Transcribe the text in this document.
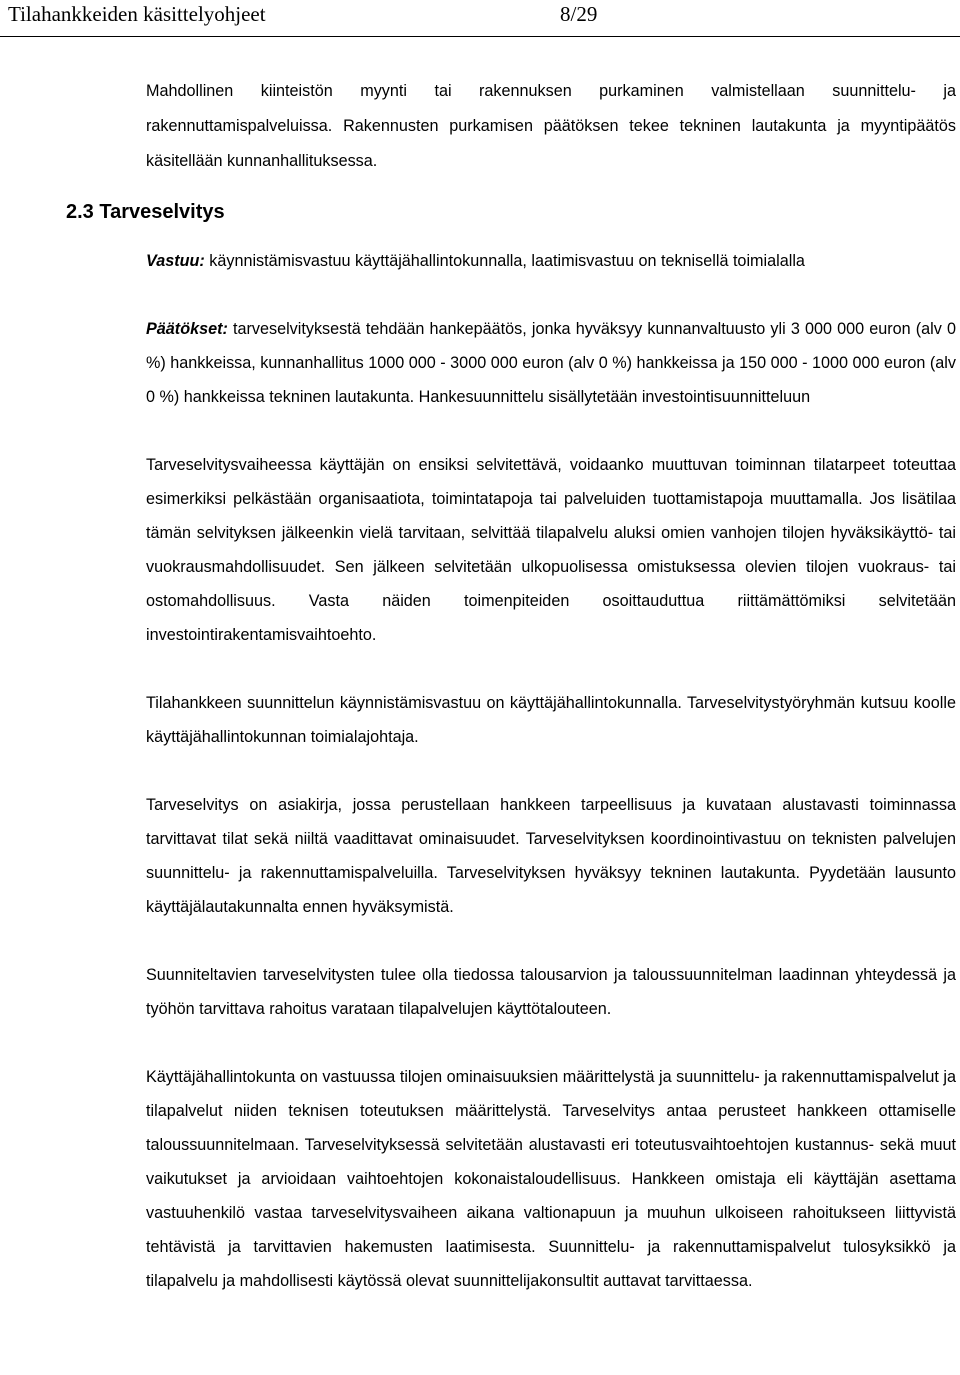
Tilahankkeiden käsittelyohjeet	8/29

Mahdollinen kiinteistön myynti tai rakennuksen purkaminen valmistellaan suunnittelu- ja rakennuttamispalveluissa. Rakennusten purkamisen päätöksen tekee tekninen lautakunta ja myyntipäätös käsitellään kunnanhallituksessa.

2.3 Tarveselvitys

Vastuu: käynnistämisvastuu käyttäjähallintokunnalla, laatimisvastuu on teknisellä toimialalla

Päätökset: tarveselvityksestä tehdään hankepäätös, jonka hyväksyy kunnanvaltuusto yli 3 000 000 euron (alv 0 %) hankkeissa, kunnanhallitus 1000 000 - 3000 000 euron (alv 0 %) hankkeissa ja 150 000 - 1000 000 euron (alv 0 %) hankkeissa tekninen lautakunta. Hankesuunnittelu sisällytetään investointisuunnitteluun

Tarveselvitysvaiheessa käyttäjän on ensiksi selvitettävä, voidaanko muuttuvan toiminnan tilatarpeet toteuttaa esimerkiksi pelkästään organisaatiota, toimintatapoja tai palveluiden tuottamistapoja muuttamalla. Jos lisätilaa tämän selvityksen jälkeenkin vielä tarvitaan, selvittää tilapalvelu aluksi omien vanhojen tilojen hyväksikäyttö- tai vuokrausmahdollisuudet. Sen jälkeen selvitetään ulkopuolisessa omistuksessa olevien tilojen vuokraus- tai ostomahdollisuus. Vasta näiden toimenpiteiden osoittauduttua riittämättömiksi selvitetään investointirakentamisvaihtoehto.

Tilahankkeen suunnittelun käynnistämisvastuu on käyttäjähallintokunnalla. Tarveselvitystyöryhmän kutsuu koolle käyttäjähallintokunnan toimialajohtaja.

Tarveselvitys on asiakirja, jossa perustellaan hankkeen tarpeellisuus ja kuvataan alustavasti toiminnassa tarvittavat tilat sekä niiltä vaadittavat ominaisuudet. Tarveselvityksen koordinointivastuu on teknisten palvelujen suunnittelu- ja rakennuttamispalveluilla. Tarveselvityksen hyväksyy tekninen lautakunta. Pyydetään lausunto käyttäjälautakunnalta ennen hyväksymistä.

Suunniteltavien tarveselvitysten tulee olla tiedossa talousarvion ja taloussuunnitelman laadinnan yhteydessä ja työhön tarvittava rahoitus varataan tilapalvelujen käyttötalouteen.

Käyttäjähallintokunta on vastuussa tilojen ominaisuuksien määrittelystä ja suunnittelu- ja rakennuttamispalvelut ja tilapalvelut niiden teknisen toteutuksen määrittelystä. Tarveselvitys antaa perusteet hankkeen ottamiselle taloussuunnitelmaan. Tarveselvityksessä selvitetään alustavasti eri toteutusvaihtoehtojen kustannus- sekä muut vaikutukset ja arvioidaan vaihtoehtojen kokonaistaloudellisuus. Hankkeen omistaja eli käyttäjän asettama vastuuhenkilö vastaa tarveselvitysvaiheen aikana valtionapuun ja muuhun ulkoiseen rahoitukseen liittyvistä tehtävistä ja tarvittavien hakemusten laatimisesta. Suunnittelu- ja rakennuttamispalvelut tulosyksikkö ja tilapalvelu ja mahdollisesti käytössä olevat suunnittelijakonsultit auttavat tarvittaessa.
